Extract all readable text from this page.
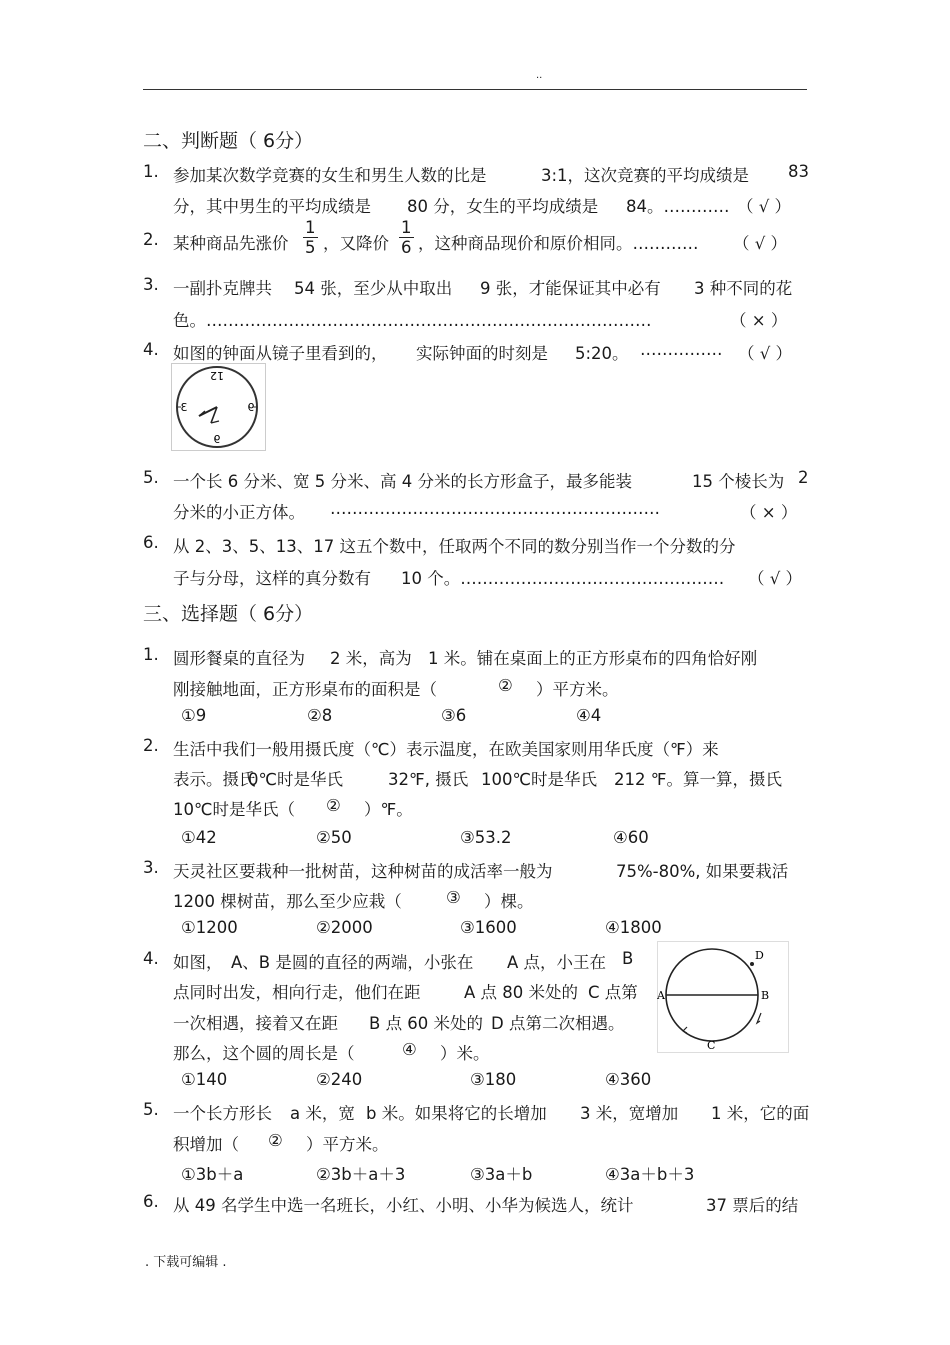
..
二、判断题（ 6分）
1. 参加某次数学竞赛的女生和男生人数的比是	3:1，这次竞赛的平均成绩是 83
分，其中男生的平均成绩是 80 分，女生的平均成绩是 84。………… （ √ ）
2. 某种商品先涨价 $\frac{1}{5}$ ，又降价 $\frac{1}{6}$ ，这种商品现价和原价相同。………… （ √ ）
3. 一副扑克牌共 54 张，至少从中取出 9 张，才能保证其中必有 3 种不同的花
色。………………………………………………………………………	（ × ）
4. 如图的钟面从镜子里看到的， 实际钟面的时刻是 5:20。 …………… （ √ ）
12
3	9
6
5. 一个长 6 分米、宽 5 分米、高 4 分米的长方形盒子，最多能装	15 个棱长为 2
分米的小正方体。 ……………………………………………………	（ × ）
6. 从 2、3、5、13、17 这五个数中，任取两个不同的数分别当作一个分数的分
子与分母，这样的真分数有 10 个。………………………………………… （ √ ）
三、选择题（ 6分）
1. 圆形餐桌的直径为 2 米，高为 1 米。铺在桌面上的正方形桌布的四角恰好刚
刚接触地面，正方形桌布的面积是（	② ）平方米。
①9	②8	③6	④4
2. 生活中我们一般用摄氏度（℃）表示温度，在欧美国家则用华氏度（℉）来
表示。摄氏
0℃时是华氏	32℉, 摄氏 100℃时是华氏 212 ℉。算一算，摄氏
10℃时是华氏（ ② ）℉。
①42	②50	③53.2	④60
3. 天灵社区要栽种一批树苗，这种树苗的成活率一般为	75%-80%, 如果要栽活
1200 棵树苗，那么至少应栽（	③ ）棵。
①1200	②2000	③1600	④1800
4. 如图， A、B 是圆的直径的两端，小张在 A 点，小王在 B
点同时出发，相向行走，他们在距	A 点 80 米处的 C 点第
一次相遇，接着又在距 B 点 60 米处的 D 点第二次相遇。
那么，这个圆的周长是（	④ ）米。
①140	②240	③180	④360
A	B
C
D
5. 一个长方形长 a 米，宽 b 米。如果将它的长增加 3 米，宽增加 1 米，它的面
积增加（ ② ）平方米。
①3b＋a	②3b＋a＋3	③3a＋b	④3a＋b＋3
6. 从 49 名学生中选一名班长，小红、小明、小华为候选人，统计	37 票后的结
. 下载可编辑 .
